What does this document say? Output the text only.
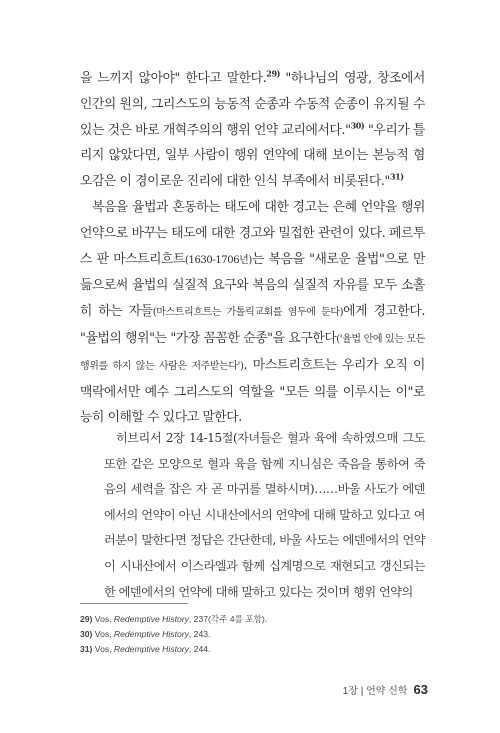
을 느끼지 않아야" 한다고 말한다.$^{29)}$ "하나님의 영광, 창조에서 인간의 원의, 그리스도의 능동적 순종과 수동적 순종이 유지될 수 있는 것은 바로 개혁주의의 행위 언약 교리에서다."$^{30)}$ "우리가 틀리지 않았다면, 일부 사람이 행위 언약에 대해 보이는 본능적 혐오감은 이 경이로운 진리에 대한 인식 부족에서 비롯된다."$^{31)}$

복음을 율법과 혼동하는 태도에 대한 경고는 은혜 언약을 행위 언약으로 바꾸는 태도에 대한 경고와 밀접한 관련이 있다. 페르투스 판 마스트리흐트(1630-1706년)는 복음을 "새로운 율법"으로 만듦으로써 율법의 실질적 요구와 복음의 실질적 자유를 모두 소홀히 하는 자들(마스트리흐트는 가톨릭교회를 염두에 둔다)에게 경고한다. "율법의 행위"는 "가장 꼼꼼한 순종"을 요구한다('율법 안에 있는 모든 행위를 하지 않는 사람은 저주받는다'). 마스트리흐트는 우리가 오직 이 맥락에서만 예수 그리스도의 역할을 "모든 의를 이루시는 이"로 능히 이해할 수 있다고 말한다.

히브리서 2장 14-15절(자녀들은 혈과 육에 속하였으매 그도 또한 같은 모양으로 혈과 육을 함께 지니심은 죽음을 통하여 죽음의 세력을 잡은 자 곧 마귀를 멸하시며)……바울 사도가 에덴에서의 언약이 아닌 시내산에서의 언약에 대해 말하고 있다고 여러분이 말한다면 정답은 간단한데, 바울 사도는 에덴에서의 언약이 시내산에서 이스라엘과 함께 십계명으로 재현되고 갱신되는 한 에덴에서의 언약에 대해 말하고 있다는 것이며 행위 언약의

29) Vos, Redemptive History, 237(각주 4를 포함).
30) Vos, Redemptive History, 243.
31) Vos, Redemptive History, 244.
1장 | 언약 신학 63
